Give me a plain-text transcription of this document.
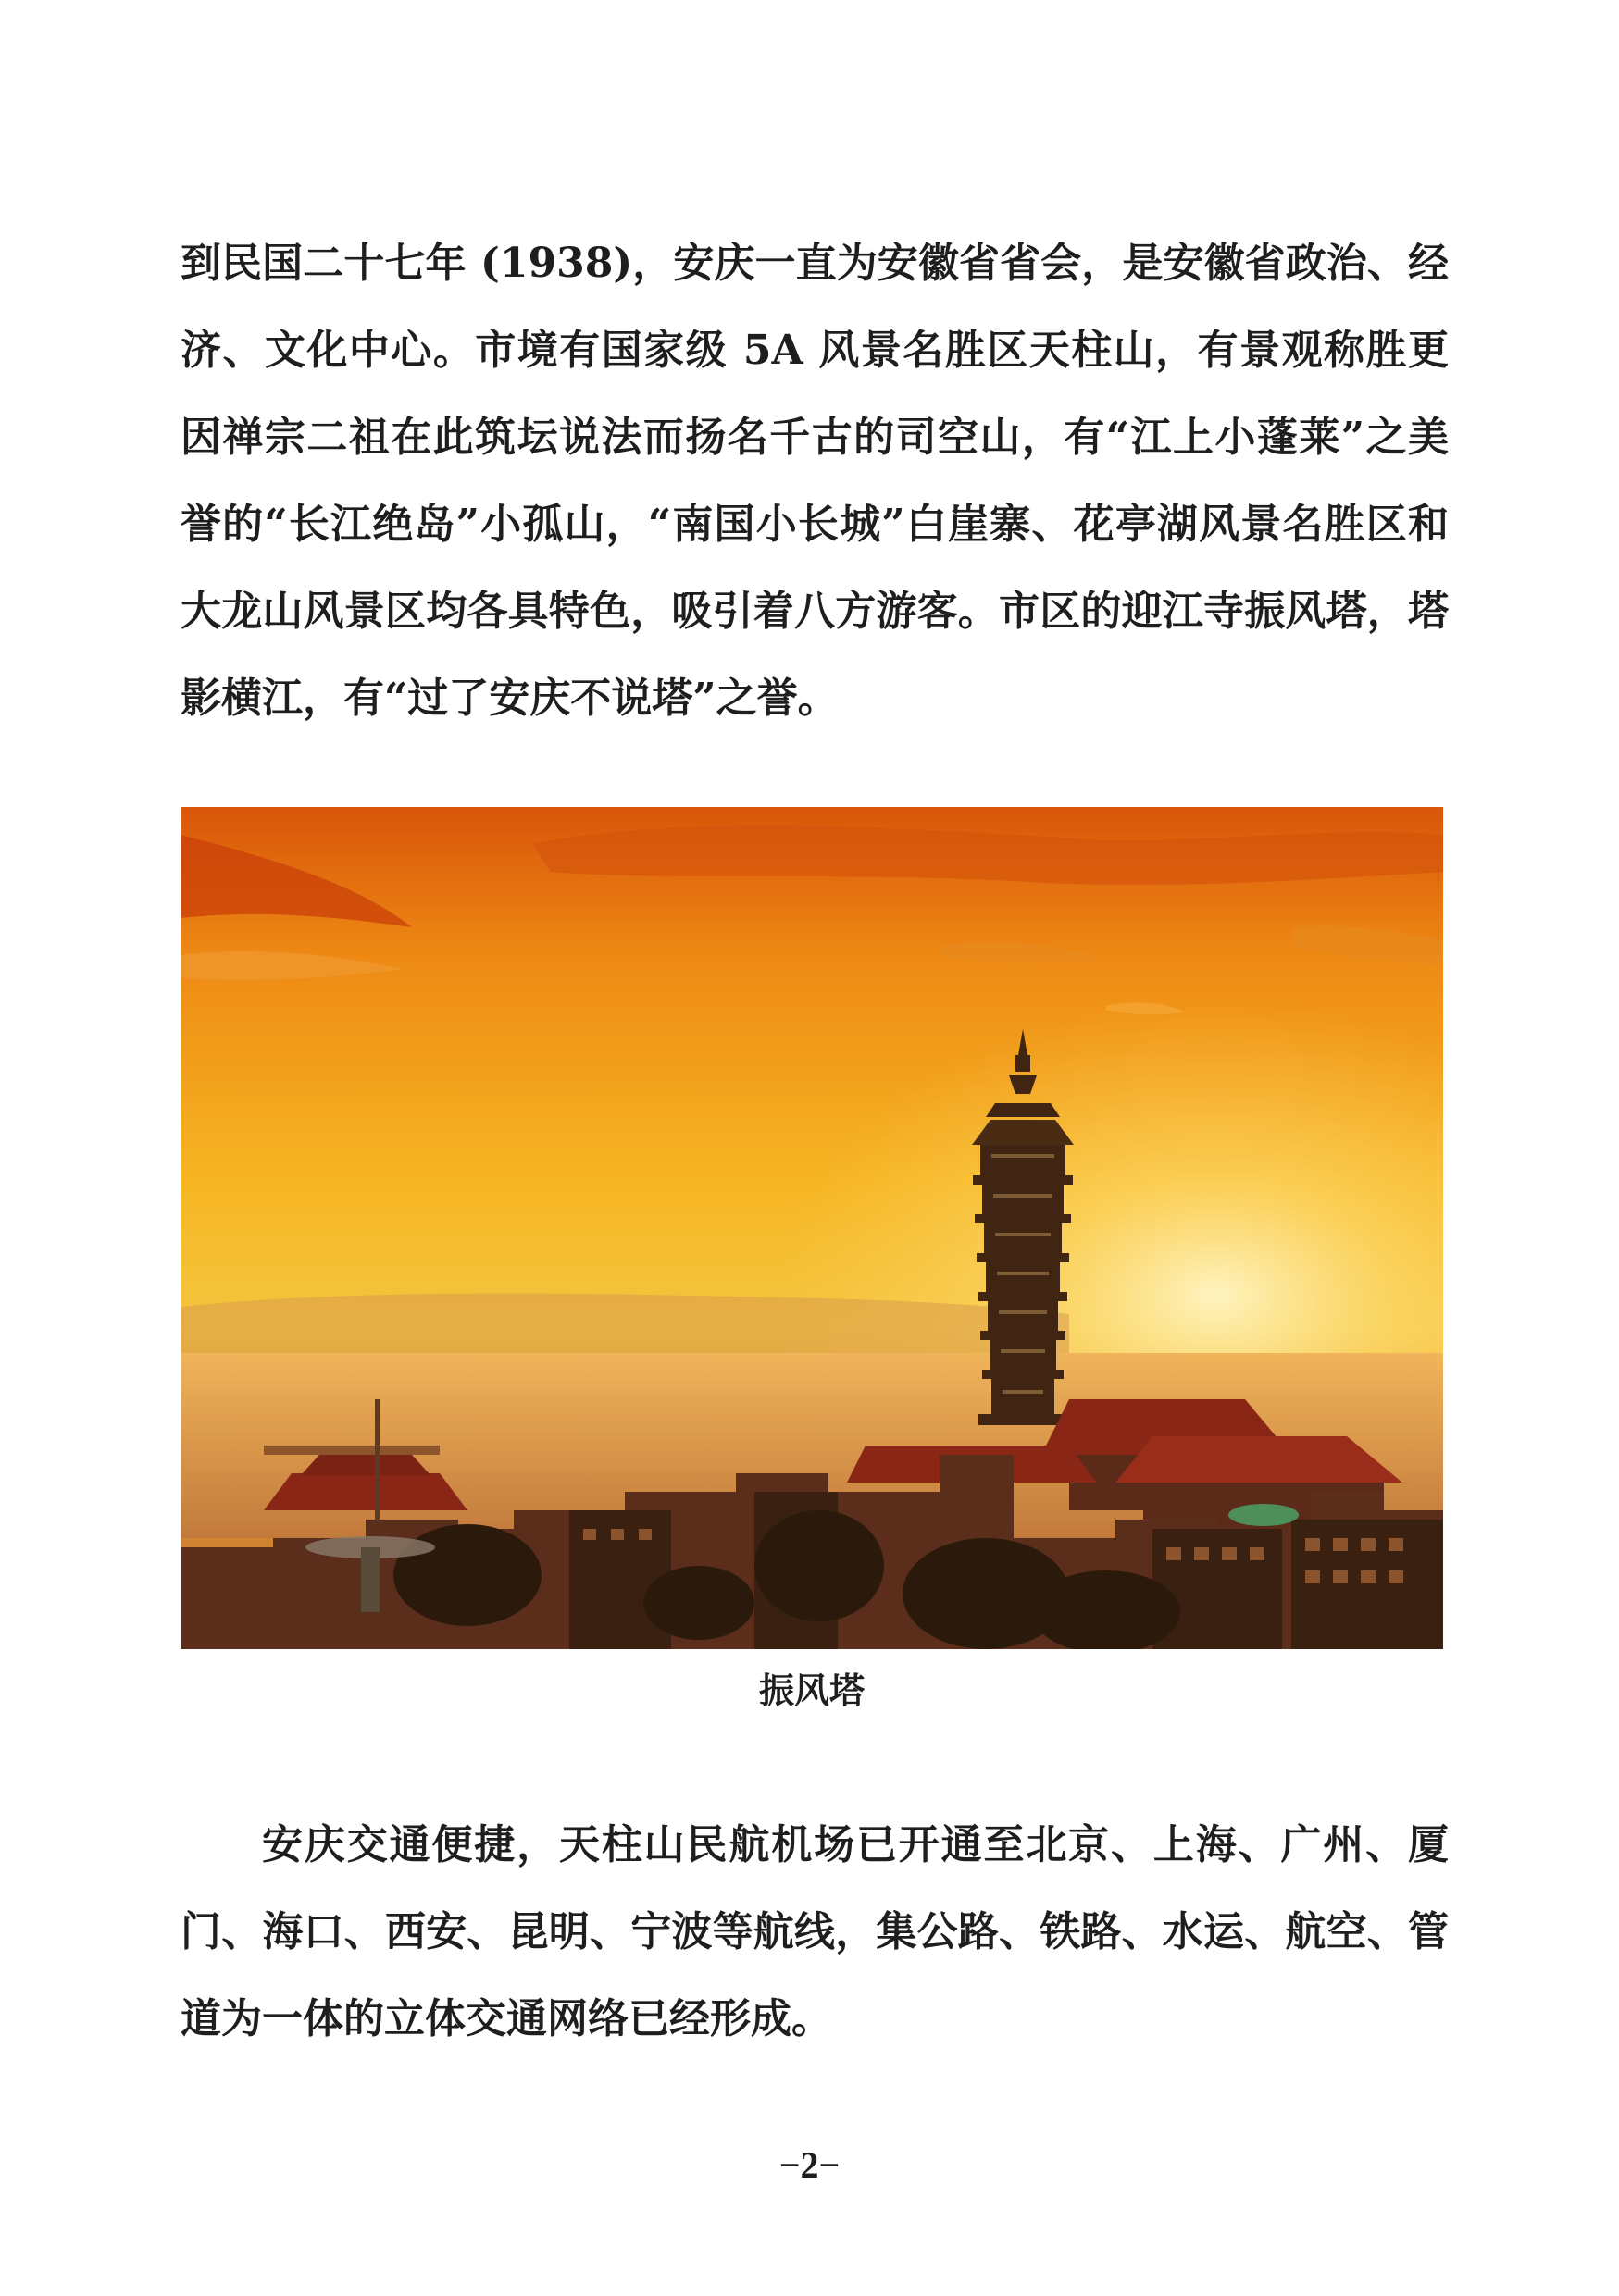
到民国二十七年 (1938)，安庆一直为安徽省省会，是安徽省政治、经济、文化中心。市境有国家级 5A 风景名胜区天柱山，有景观称胜更因禅宗二祖在此筑坛说法而扬名千古的司空山，有“江上小蓬莱”之美誉的“长江绝岛”小孤山，“南国小长城”白崖寨、花亭湖风景名胜区和大龙山风景区均各具特色，吸引着八方游客。市区的迎江寺振风塔，塔影横江，有“过了安庆不说塔”之誉。

振风塔

安庆交通便捷，天柱山民航机场已开通至北京、上海、广州、厦门、海口、西安、昆明、宁波等航线，集公路、铁路、水运、航空、管道为一体的立体交通网络已经形成。

−2−
